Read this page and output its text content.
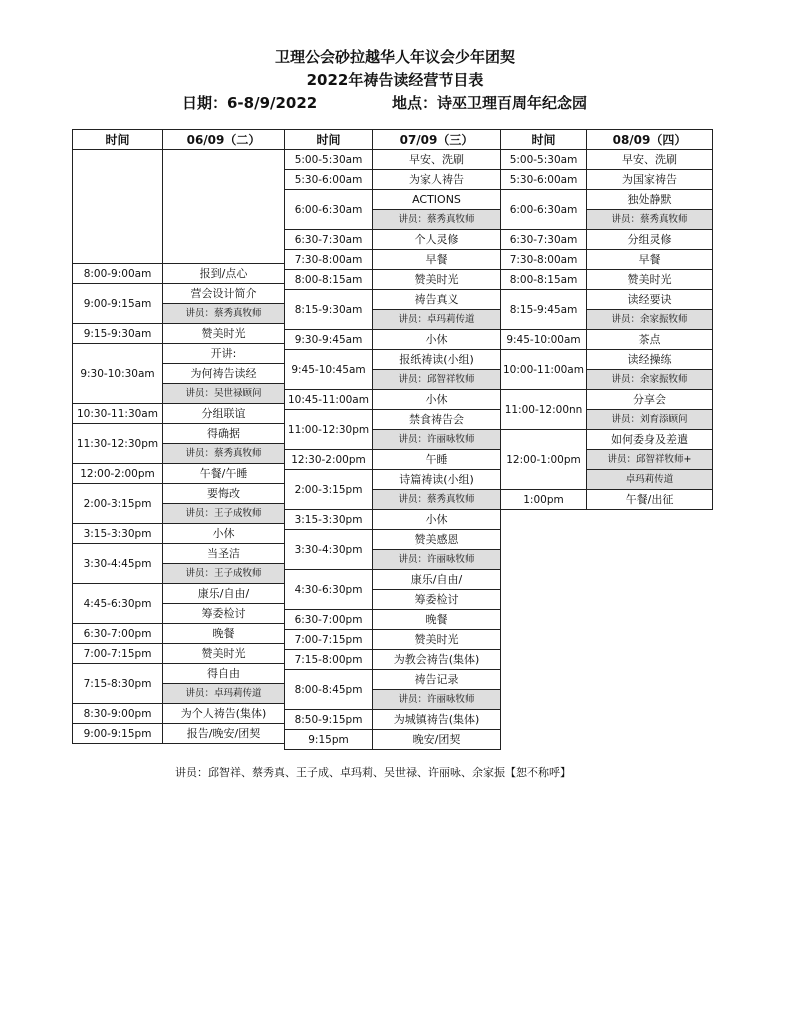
卫理公会砂拉越华人年议会少年团契
2022年祷告读经营节目表
日期：6-8/9/2022	地点：诗巫卫理百周年纪念园
时间	06/09（二）

8:00-9:00am	报到/点心
9:00-9:15am	营会设计简介
	讲员：蔡秀真牧师
9:15-9:30am	赞美时光
9:30-10:30am	开讲:
	为何祷告读经
	讲员：吴世禄顾问
10:30-11:30am	分组联谊
11:30-12:30pm	得确据
	讲员：蔡秀真牧师
12:00-2:00pm	午餐/午睡
2:00-3:15pm	要悔改
	讲员：王子成牧师
3:15-3:30pm	小休
3:30-4:45pm	当圣洁
	讲员：王子成牧师
4:45-6:30pm	康乐/自由/
	筹委检讨
6:30-7:00pm	晚餐
7:00-7:15pm	赞美时光
7:15-8:30pm	得自由
	讲员：卓玛莉传道
8:30-9:00pm	为个人祷告(集体)
9:00-9:15pm	报告/晚安/团契
时间	07/09（三）
5:00-5:30am	早安、洗刷
5:30-6:00am	为家人祷告
6:00-6:30am	ACTIONS
	讲员：蔡秀真牧师
6:30-7:30am	个人灵修
7:30-8:00am	早餐
8:00-8:15am	赞美时光
8:15-9:30am	祷告真义
	讲员：卓玛莉传道
9:30-9:45am	小休
9:45-10:45am	报纸祷读(小组)
	讲员：邱智祥牧师
10:45-11:00am	小休
11:00-12:30pm	禁食祷告会
	讲员：许丽咏牧师
12:30-2:00pm	午睡
2:00-3:15pm	诗篇祷读(小组)
	讲员：蔡秀真牧师
3:15-3:30pm	小休
3:30-4:30pm	赞美感恩
	讲员：许丽咏牧师
4:30-6:30pm	康乐/自由/
	筹委检讨
6:30-7:00pm	晚餐
7:00-7:15pm	赞美时光
7:15-8:00pm	为教会祷告(集体)
8:00-8:45pm	祷告记录
	讲员：许丽咏牧师
8:50-9:15pm	为城镇祷告(集体)
9:15pm	晚安/团契
时间	08/09（四）
5:00-5:30am	早安、洗刷
5:30-6:00am	为国家祷告
6:00-6:30am	独处静默
	讲员：蔡秀真牧师
6:30-7:30am	分组灵修
7:30-8:00am	早餐
8:00-8:15am	赞美时光
8:15-9:45am	读经要诀
	讲员：余家振牧师
9:45-10:00am	茶点
10:00-11:00am	读经操练
	讲员：余家振牧师
11:00-12:00nn	分享会
	讲员：刘育添顾问
12:00-1:00pm	如何委身及差遣
	讲员：邱智祥牧师+
	卓玛莉传道
1:00pm	午餐/出征
讲员：邱智祥、蔡秀真、王子成、卓玛莉、吴世禄、许丽咏、余家振【恕不称呼】
